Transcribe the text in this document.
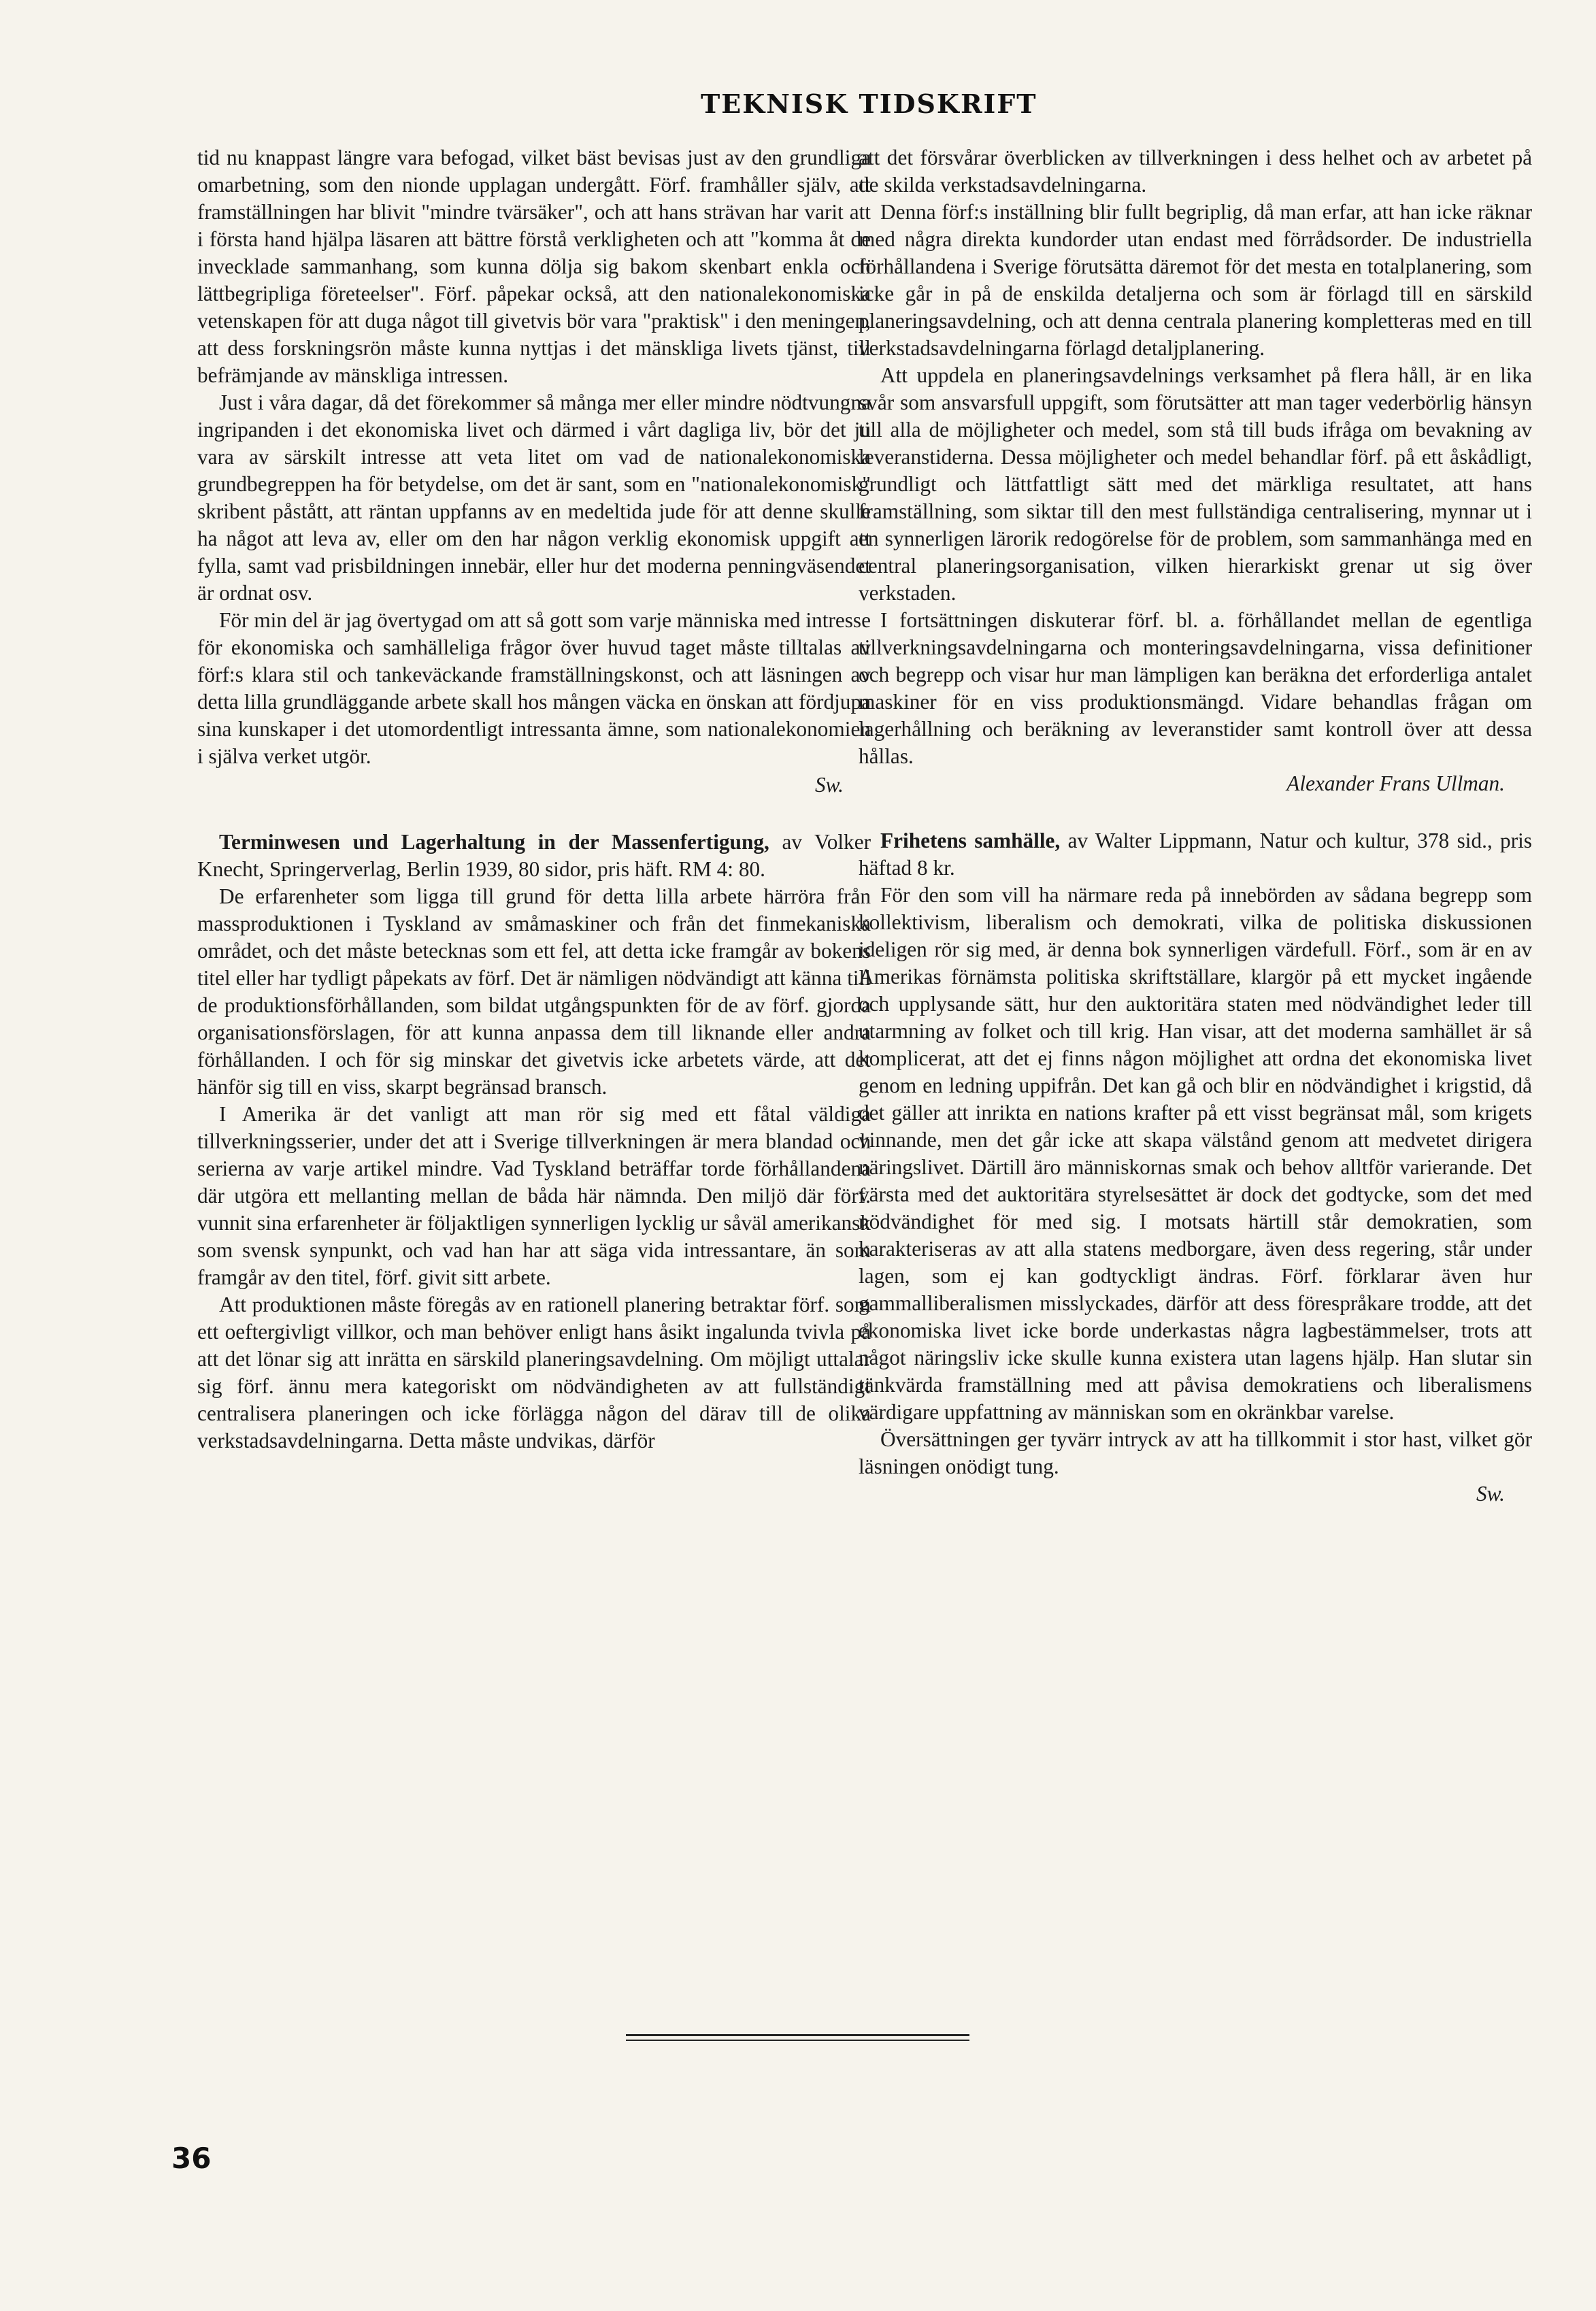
TEKNISK TIDSKRIFT

tid nu knappast längre vara befogad, vilket bäst bevisas just av den grundliga omarbetning, som den nionde upplagan undergått. Förf. framhåller själv, att framställningen har blivit "mindre tvärsäker", och att hans strävan har varit att i första hand hjälpa läsaren att bättre förstå verkligheten och att "komma åt de invecklade sammanhang, som kunna dölja sig bakom skenbart enkla och lättbegripliga företeelser". Förf. påpekar också, att den nationalekonomiska vetenskapen för att duga något till givetvis bör vara "praktisk" i den meningen, att dess forskningsrön måste kunna nyttjas i det mänskliga livets tjänst, till befrämjande av mänskliga intressen.

Just i våra dagar, då det förekommer så många mer eller mindre nödtvungna ingripanden i det ekonomiska livet och därmed i vårt dagliga liv, bör det ju vara av särskilt intresse att veta litet om vad de nationalekonomiska grundbegreppen ha för betydelse, om det är sant, som en "nationalekonomisk" skribent påstått, att räntan uppfanns av en medeltida jude för att denne skulle ha något att leva av, eller om den har någon verklig ekonomisk uppgift att fylla, samt vad prisbildningen innebär, eller hur det moderna penningväsendet är ordnat osv.

För min del är jag övertygad om att så gott som varje människa med intresse för ekonomiska och samhälleliga frågor över huvud taget måste tilltalas av förf:s klara stil och tankeväckande framställningskonst, och att läsningen av detta lilla grundläggande arbete skall hos mången väcka en önskan att fördjupa sina kunskaper i det utomordentligt intressanta ämne, som nationalekonomien i själva verket utgör.

Sw.

Terminwesen und Lagerhaltung in der Massenfertigung, av Volker Knecht, Springerverlag, Berlin 1939, 80 sidor, pris häft. RM 4: 80.

De erfarenheter som ligga till grund för detta lilla arbete härröra från massproduktionen i Tyskland av småmaskiner och från det finmekaniska området, och det måste betecknas som ett fel, att detta icke framgår av bokens titel eller har tydligt påpekats av förf. Det är nämligen nödvändigt att känna till de produktionsförhållanden, som bildat utgångspunkten för de av förf. gjorda organisationsförslagen, för att kunna anpassa dem till liknande eller andra förhållanden. I och för sig minskar det givetvis icke arbetets värde, att det hänför sig till en viss, skarpt begränsad bransch.

I Amerika är det vanligt att man rör sig med ett fåtal väldiga tillverkningsserier, under det att i Sverige tillverkningen är mera blandad och serierna av varje artikel mindre. Vad Tyskland beträffar torde förhållandena där utgöra ett mellanting mellan de båda här nämnda. Den miljö där förf. vunnit sina erfarenheter är följaktligen synnerligen lycklig ur såväl amerikansk som svensk synpunkt, och vad han har att säga vida intressantare, än som framgår av den titel, förf. givit sitt arbete.

Att produktionen måste föregås av en rationell planering betraktar förf. som ett oeftergivligt villkor, och man behöver enligt hans åsikt ingalunda tvivla på att det lönar sig att inrätta en särskild planeringsavdelning. Om möjligt uttalar sig förf. ännu mera kategoriskt om nödvändigheten av att fullständigt centralisera planeringen och icke förlägga någon del därav till de olika verkstadsavdelningarna. Detta måste undvikas, därför

att det försvårar överblicken av tillverkningen i dess helhet och av arbetet på de skilda verkstadsavdelningarna.

Denna förf:s inställning blir fullt begriplig, då man erfar, att han icke räknar med några direkta kundorder utan endast med förrådsorder. De industriella förhållandena i Sverige förutsätta däremot för det mesta en totalplanering, som icke går in på de enskilda detaljerna och som är förlagd till en särskild planeringsavdelning, och att denna centrala planering kompletteras med en till verkstadsavdelningarna förlagd detaljplanering.

Att uppdela en planeringsavdelnings verksamhet på flera håll, är en lika svår som ansvarsfull uppgift, som förutsätter att man tager vederbörlig hänsyn till alla de möjligheter och medel, som stå till buds ifråga om bevakning av leveranstiderna. Dessa möjligheter och medel behandlar förf. på ett åskådligt, grundligt och lättfattligt sätt med det märkliga resultatet, att hans framställning, som siktar till den mest fullständiga centralisering, mynnar ut i en synnerligen lärorik redogörelse för de problem, som sammanhänga med en central planeringsorganisation, vilken hierarkiskt grenar ut sig över verkstaden.

I fortsättningen diskuterar förf. bl. a. förhållandet mellan de egentliga tillverkningsavdelningarna och monteringsavdelningarna, vissa definitioner och begrepp och visar hur man lämpligen kan beräkna det erforderliga antalet maskiner för en viss produktionsmängd. Vidare behandlas frågan om lagerhållning och beräkning av leveranstider samt kontroll över att dessa hållas.

Alexander Frans Ullman.

Frihetens samhälle, av Walter Lippmann, Natur och kultur, 378 sid., pris häftad 8 kr.

För den som vill ha närmare reda på innebörden av sådana begrepp som kollektivism, liberalism och demokrati, vilka de politiska diskussionen ideligen rör sig med, är denna bok synnerligen värdefull. Förf., som är en av Amerikas förnämsta politiska skriftställare, klargör på ett mycket ingående och upplysande sätt, hur den auktoritära staten med nödvändighet leder till utarmning av folket och till krig. Han visar, att det moderna samhället är så komplicerat, att det ej finns någon möjlighet att ordna det ekonomiska livet genom en ledning uppifrån. Det kan gå och blir en nödvändighet i krigstid, då det gäller att inrikta en nations krafter på ett visst begränsat mål, som krigets vinnande, men det går icke att skapa välstånd genom att medvetet dirigera näringslivet. Därtill äro människornas smak och behov alltför varierande. Det värsta med det auktoritära styrelsesättet är dock det godtycke, som det med nödvändighet för med sig. I motsats härtill står demokratien, som karakteriseras av att alla statens medborgare, även dess regering, står under lagen, som ej kan godtyckligt ändras. Förf. förklarar även hur gammalliberalismen misslyckades, därför att dess förespråkare trodde, att det ekonomiska livet icke borde underkastas några lagbestämmelser, trots att något näringsliv icke skulle kunna existera utan lagens hjälp. Han slutar sin tänkvärda framställning med att påvisa demokratiens och liberalismens värdigare uppfattning av människan som en okränkbar varelse.

Översättningen ger tyvärr intryck av att ha tillkommit i stor hast, vilket gör läsningen onödigt tung.

Sw.

36
